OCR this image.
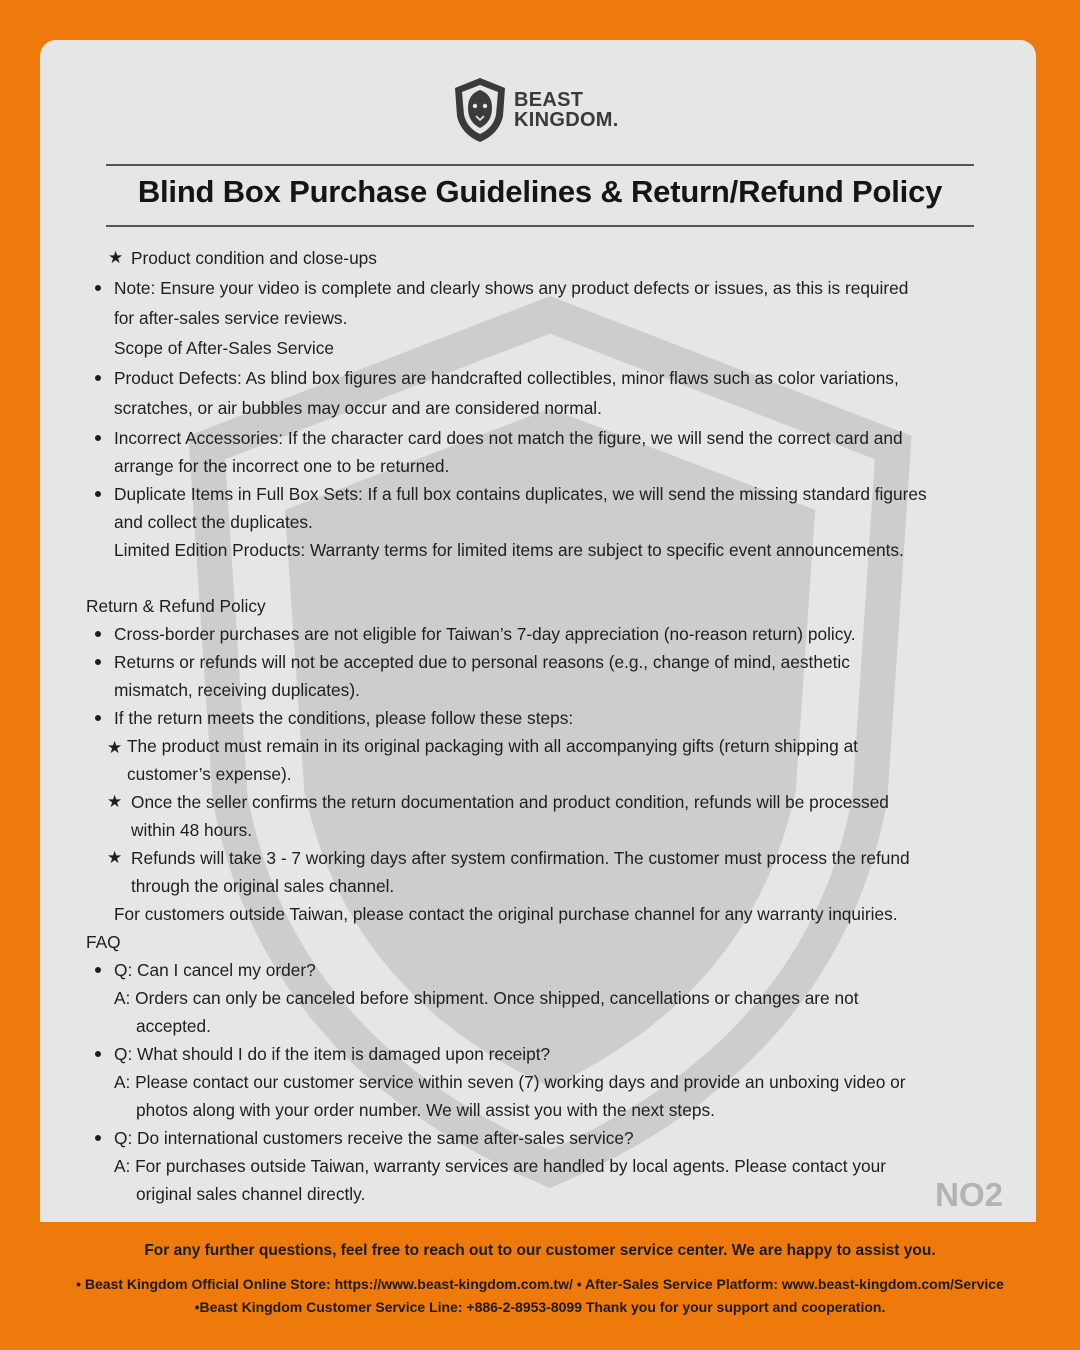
BEAST
KINGDOM.
Blind Box Purchase Guidelines & Return/Refund Policy
★ Product condition and close-ups
Note: Ensure your video is complete and clearly shows any product defects or issues, as this is required
for after-sales service reviews.
Scope of After-Sales Service
Product Defects: As blind box figures are handcrafted collectibles, minor flaws such as color variations,
scratches, or air bubbles may occur and are considered normal.
Incorrect Accessories: If the character card does not match the figure, we will send the correct card and
arrange for the incorrect one to be returned.
Duplicate Items in Full Box Sets: If a full box contains duplicates, we will send the missing standard figures
and collect the duplicates.
Limited Edition Products: Warranty terms for limited items are subject to specific event announcements.
Return & Refund Policy
Cross-border purchases are not eligible for Taiwan’s 7-day appreciation (no-reason return) policy.
Returns or refunds will not be accepted due to personal reasons (e.g., change of mind, aesthetic
mismatch, receiving duplicates).
If the return meets the conditions, please follow these steps:
★ The product must remain in its original packaging with all accompanying gifts (return shipping at
customer’s expense).
★ Once the seller confirms the return documentation and product condition, refunds will be processed
within 48 hours.
★ Refunds will take 3 - 7 working days after system confirmation. The customer must process the refund
through the original sales channel.
For customers outside Taiwan, please contact the original purchase channel for any warranty inquiries.
FAQ
Q: Can I cancel my order?
A: Orders can only be canceled before shipment. Once shipped, cancellations or changes are not
accepted.
Q: What should I do if the item is damaged upon receipt?
A: Please contact our customer service within seven (7) working days and provide an unboxing video or
photos along with your order number. We will assist you with the next steps.
Q: Do international customers receive the same after-sales service?
A: For purchases outside Taiwan, warranty services are handled by local agents. Please contact your
original sales channel directly.	NO2
For any further questions, feel free to reach out to our customer service center. We are happy to assist you.
• Beast Kingdom Official Online Store: https://www.beast-kingdom.com.tw/ • After-Sales Service Platform: www.beast-kingdom.com/Service
•Beast Kingdom Customer Service Line: +886-2-8953-8099 Thank you for your support and cooperation.
